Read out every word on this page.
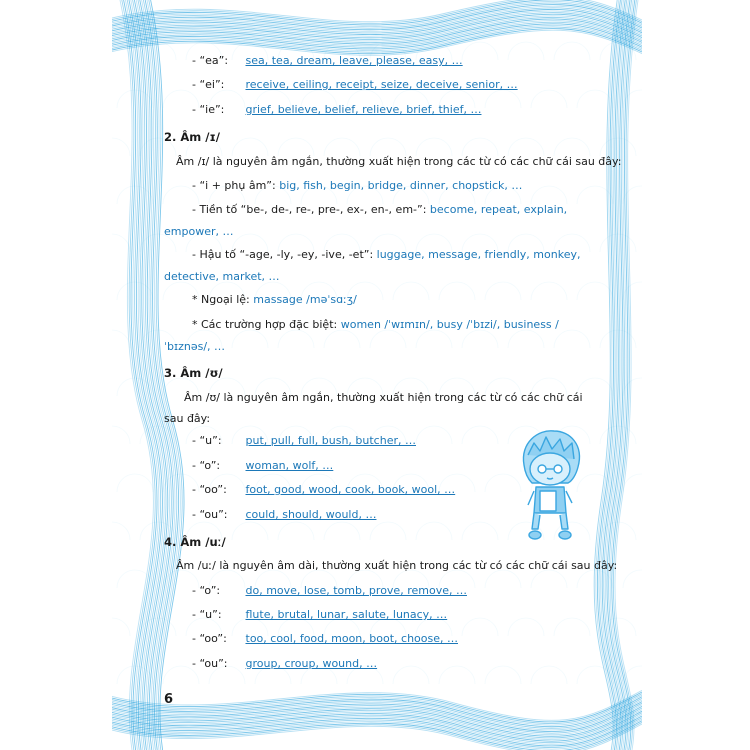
- “ea”: sea, tea, dream, leave, please, easy, …
- “ei”: receive, ceiling, receipt, seize, deceive, senior, …
- “ie”: grief, believe, belief, relieve, brief, thief, …
2. Âm /ɪ/
Âm /ɪ/ là nguyên âm ngắn, thường xuất hiện trong các từ có các chữ cái sau đây:
- “i + phụ âm”: big, fish, begin, bridge, dinner, chopstick, …
- Tiền tố “be-, de-, re-, pre-, ex-, en-, em-”: become, repeat, explain,
empower, …
- Hậu tố “-age, -ly, -ey, -ive, -et”: luggage, message, friendly, monkey,
detective, market, …
* Ngoại lệ: massage /məˈsɑːʒ/
* Các trường hợp đặc biệt: women /ˈwɪmɪn/, busy /ˈbɪzi/, business /
ˈbɪznəs/, …
3. Âm /ʊ/
Âm /ʊ/ là nguyên âm ngắn, thường xuất hiện trong các từ có các chữ cái
sau đây:
- “u”: put, pull, full, bush, butcher, …
- “o”: woman, wolf, …
- “oo”: foot, good, wood, cook, book, wool, …
- “ou”: could, should, would, …
4. Âm /uː/
Âm /uː/ là nguyên âm dài, thường xuất hiện trong các từ có các chữ cái sau đây:
- “o”: do, move, lose, tomb, prove, remove, …
- “u”: flute, brutal, lunar, salute, lunacy, …
- “oo”: too, cool, food, moon, boot, choose, …
- “ou”: group, croup, wound, …
6
